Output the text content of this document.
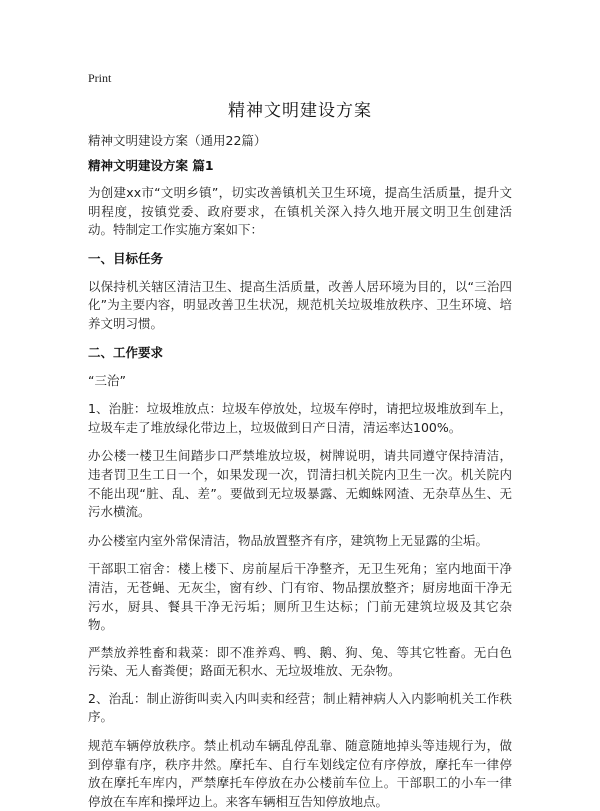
Print
精神文明建设方案
精神文明建设方案（通用22篇）
精神文明建设方案 篇1

为创建xx市“文明乡镇”，切实改善镇机关卫生环境，提高生活质量，提升文明程度，按镇党委、政府要求，在镇机关深入持久地开展文明卫生创建活动。特制定工作实施方案如下：

一、目标任务

以保持机关辖区清洁卫生、提高生活质量，改善人居环境为目的，以“三治四化”为主要内容，明显改善卫生状况，规范机关垃圾堆放秩序、卫生环境、培养文明习惯。

二、工作要求

“三治”

1、治脏：垃圾堆放点：垃圾车停放处，垃圾车停时，请把垃圾堆放到车上，垃圾车走了堆放绿化带边上，垃圾做到日产日清，清运率达100%。

办公楼一楼卫生间踏步口严禁堆放垃圾，树牌说明，请共同遵守保持清洁，违者罚卫生工日一个，如果发现一次，罚清扫机关院内卫生一次。机关院内不能出现“脏、乱、差”。要做到无垃圾暴露、无蜘蛛网渣、无杂草丛生、无污水横流。

办公楼室内室外常保清洁，物品放置整齐有序，建筑物上无显露的尘垢。

干部职工宿舍：楼上楼下、房前屋后干净整齐，无卫生死角；室内地面干净清洁，无苍蝇、无灰尘，窗有纱、门有帘、物品摆放整齐；厨房地面干净无污水，厨具、餐具干净无污垢；厕所卫生达标；门前无建筑垃圾及其它杂物。

严禁放养牲畜和栽菜：即不准养鸡、鸭、鹅、狗、兔、等其它牲畜。无白色污染、无人畜粪便；路面无积水、无垃圾堆放、无杂物。

2、治乱：制止游街叫卖入内叫卖和经营；制止精神病人入内影响机关工作秩序。

规范车辆停放秩序。禁止机动车辆乱停乱靠、随意随地掉头等违规行为，做到停靠有序，秩序井然。摩托车、自行车划线定位有序停放，摩托车一律停放在摩托车库内，严禁摩托车停放在办公楼前车位上。干部职工的小车一律停放在车库和操坪边上。来客车辆相互告知停放地点。
